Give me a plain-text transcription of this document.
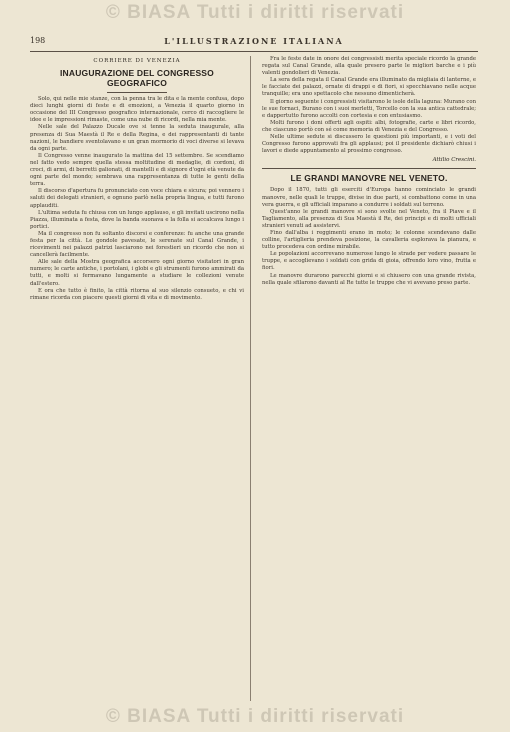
© BIASA Tutti i diritti riservati
198	L'ILLUSTRAZIONE ITALIANA
CORRIERE DI VENEZIA
INAUGURAZIONE DEL CONGRESSO GEOGRAFICO

Solo, qui nelle mie stanze, con la penna tra le dita e la mente confusa, dopo dieci lunghi giorni di feste e di emozioni, a Venezia il quarto giorno in occasione del III Congresso geografico internazionale, cerco di raccogliere le idee e le impressioni rimaste, come una nube di ricordi, nella mia mente.

Nelle sale del Palazzo Ducale ove si tenne la seduta inaugurale, alla presenza di Sua Maestà il Re e della Regina, e dei rappresentanti di tante nazioni, le bandiere sventolavano e un gran mormorio di voci diverse si levava da ogni parte.

Il Congresso venne inaugurato la mattina del 15 settembre. Se scendiamo nel fatto vedo sempre quella stessa moltitudine di medaglie, di cordoni, di croci, di armi, di berretti galionati, di mantelli e di signore d'ogni età venute da ogni parte del mondo; sembrava una rappresentanza di tutte le genti della terra.

Il discorso d'apertura fu pronunciato con voce chiara e sicura; poi vennero i saluti dei delegati stranieri, e ognuno parlò nella propria lingua, e tutti furono applauditi.

L'ultima seduta fu chiusa con un lungo applauso, e gli invitati uscirono nella Piazza, illuminata a festa, dove la banda suonava e la folla si accalcava lungo i portici.

Ma il congresso non fu soltanto discorsi e conferenze: fu anche una grande festa per la città. Le gondole pavesate, le serenate sul Canal Grande, i ricevimenti nei palazzi patrizi lasciarono nei forestieri un ricordo che non si cancellerà facilmente.

Alle sale della Mostra geografica accorsero ogni giorno visitatori in gran numero; le carte antiche, i portolani, i globi e gli strumenti furono ammirati da tutti, e molti si fermavano lungamente a studiare le collezioni venute dall'estero.

E ora che tutto è finito, la città ritorna al suo silenzio consueto, e chi vi rimane ricorda con piacere questi giorni di vita e di movimento.

Fra le feste date in onore dei congressisti merita speciale ricordo la grande regata sul Canal Grande, alla quale presero parte le migliori barche e i più valenti gondolieri di Venezia.

La sera della regata il Canal Grande era illuminato da migliaia di lanterne, e le facciate dei palazzi, ornate di drappi e di fiori, si specchiavano nelle acque tranquille; era uno spettacolo che nessuno dimenticherà.

Il giorno seguente i congressisti visitarono le isole della laguna: Murano con le sue fornaci, Burano con i suoi merletti, Torcello con la sua antica cattedrale; e dappertutto furono accolti con cortesia e con entusiasmo.

Molti furono i doni offerti agli ospiti: albi, fotografie, carte e libri ricordo, che ciascuno portò con sé come memoria di Venezia e del Congresso.

Nelle ultime sedute si discussero le questioni più importanti, e i voti del Congresso furono approvati fra gli applausi; poi il presidente dichiarò chiusi i lavori e diede appuntamento al prossimo congresso.

Attilio Crescini.
LE GRANDI MANOVRE NEL VENETO.

Dopo il 1870, tutti gli eserciti d'Europa hanno cominciato le grandi manovre, nelle quali le truppe, divise in due parti, si combattono come in una vera guerra, e gli ufficiali imparano a condurre i soldati sul terreno.

Quest'anno le grandi manovre si sono svolte nel Veneto, fra il Piave e il Tagliamento, alla presenza di Sua Maestà il Re, dei principi e di molti ufficiali stranieri venuti ad assistervi.

Fino dall'alba i reggimenti erano in moto; le colonne scendevano dalle colline, l'artiglieria prendeva posizione, la cavalleria esplorava la pianura, e tutto procedeva con ordine mirabile.

Le popolazioni accorrevano numerose lungo le strade per vedere passare le truppe, e accoglievano i soldati con grida di gioia, offrendo loro vino, frutta e fiori.

Le manovre durarono parecchi giorni e si chiusero con una grande rivista, nella quale sfilarono davanti al Re tutte le truppe che vi avevano preso parte.

© BIASA Tutti i diritti riservati
